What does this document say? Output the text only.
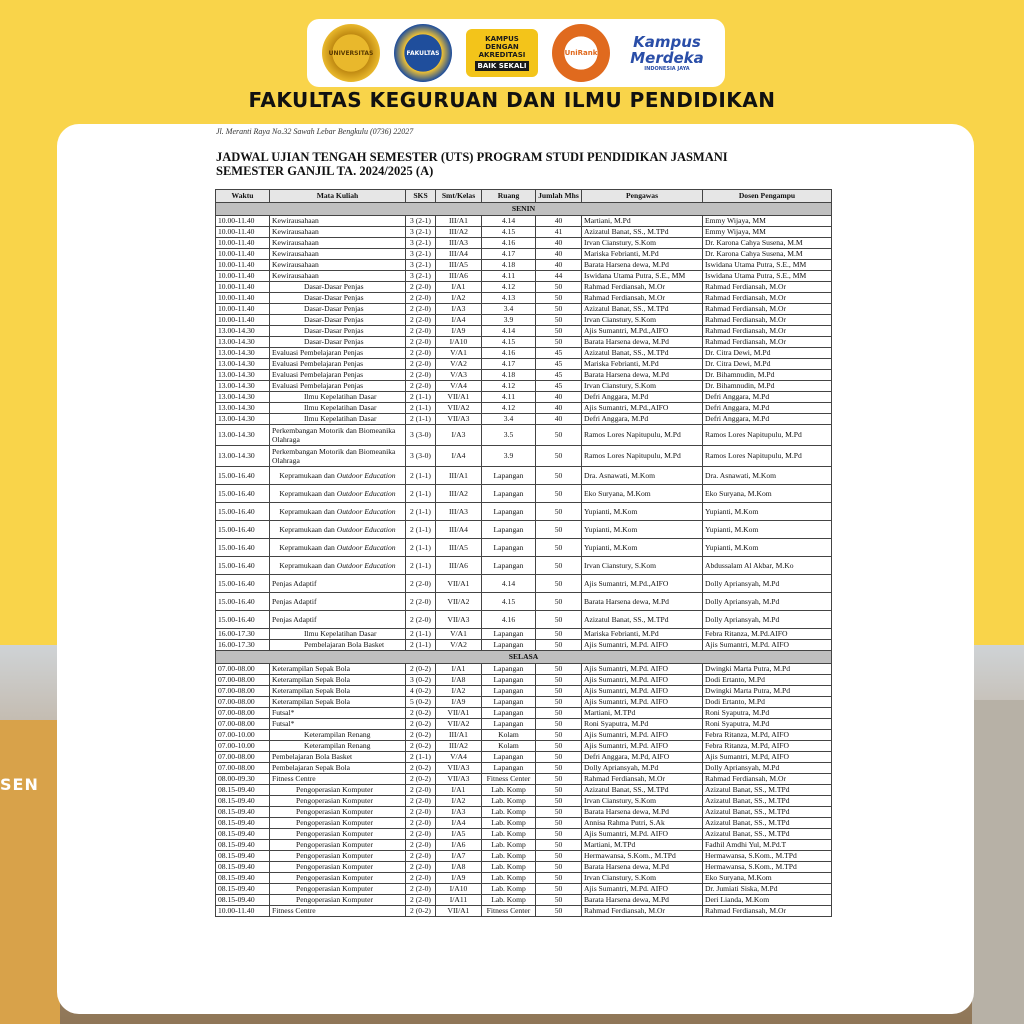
SEN
UNIVERSITAS	FAKULTAS
KAMPUS
DENGAN AKREDITASI
BAIK SEKALI
UniRank
Kampus
Merdeka
INDONESIA JAYA
FAKULTAS KEGURUAN DAN ILMU PENDIDIKAN
Jl. Meranti Raya No.32 Sawah Lebar Bengkulu (0736) 22027
JADWAL UJIAN TENGAH SEMESTER (UTS) PROGRAM STUDI PENDIDIKAN JASMANI
SEMESTER GANJIL TA. 2024/2025 (A)
Waktu	Mata Kuliah	SKS	Smt/Kelas	Ruang	Jumlah Mhs	Pengawas	Dosen Pengampu
SENIN							
10.00-11.40	Kewirausahaan	3 (2-1)	III/A1	4.14	40	Martiani, M.Pd	Emmy Wijaya, MM
10.00-11.40	Kewirausahaan	3 (2-1)	III/A2	4.15	41	Azizatul Banat, SS., M.TPd	Emmy Wijaya, MM
10.00-11.40	Kewirausahaan	3 (2-1)	III/A3	4.16	40	Irvan Cianstury, S.Kom	Dr. Karona Cahya Susena, M.M
10.00-11.40	Kewirausahaan	3 (2-1)	III/A4	4.17	40	Mariska Febrianti, M.Pd	Dr. Karona Cahya Susena, M.M
10.00-11.40	Kewirausahaan	3 (2-1)	III/A5	4.18	40	Barata Harsena dewa, M.Pd	Iswidana Utama Putra, S.E., MM
10.00-11.40	Kewirausahaan	3 (2-1)	III/A6	4.11	44	Iswidana Utama Putra, S.E., MM	Iswidana Utama Putra, S.E., MM
10.00-11.40	Dasar-Dasar Penjas	2 (2-0)	I/A1	4.12	50	Rahmad Ferdiansah, M.Or	Rahmad Ferdiansah, M.Or
10.00-11.40	Dasar-Dasar Penjas	2 (2-0)	I/A2	4.13	50	Rahmad Ferdiansah, M.Or	Rahmad Ferdiansah, M.Or
10.00-11.40	Dasar-Dasar Penjas	2 (2-0)	I/A3	3.4	50	Azizatul Banat, SS., M.TPd	Rahmad Ferdiansah, M.Or
10.00-11.40	Dasar-Dasar Penjas	2 (2-0)	I/A4	3.9	50	Irvan Cianstury, S.Kom	Rahmad Ferdiansah, M.Or
13.00-14.30	Dasar-Dasar Penjas	2 (2-0)	I/A9	4.14	50	Ajis Sumantri, M.Pd.,AIFO	Rahmad Ferdiansah, M.Or
13.00-14.30	Dasar-Dasar Penjas	2 (2-0)	I/A10	4.15	50	Barata Harsena dewa, M.Pd	Rahmad Ferdiansah, M.Or
13.00-14.30	Evaluasi Pembelajaran Penjas	2 (2-0)	V/A1	4.16	45	Azizatul Banat, SS., M.TPd	Dr. Citra Dewi, M.Pd
13.00-14.30	Evaluasi Pembelajaran Penjas	2 (2-0)	V/A2	4.17	45	Mariska Febrianti, M.Pd	Dr. Citra Dewi, M.Pd
13.00-14.30	Evaluasi Pembelajaran Penjas	2 (2-0)	V/A3	4.18	45	Barata Harsena dewa, M.Pd	Dr. Bihamnudin, M.Pd
13.00-14.30	Evaluasi Pembelajaran Penjas	2 (2-0)	V/A4	4.12	45	Irvan Cianstury, S.Kom	Dr. Bihamnudin, M.Pd
13.00-14.30	Ilmu Kepelatihan Dasar	2 (1-1)	VII/A1	4.11	40	Defri Anggara, M.Pd	Defri Anggara, M.Pd
13.00-14.30	Ilmu Kepelatihan Dasar	2 (1-1)	VII/A2	4.12	40	Ajis Sumantri, M.Pd.,AIFO	Defri Anggara, M.Pd
13.00-14.30	Ilmu Kepelatihan Dasar	2 (1-1)	VII/A3	3.4	40	Defri Anggara, M.Pd	Defri Anggara, M.Pd
13.00-14.30	Perkembangan Motorik dan Biomeanika Olahraga	3 (3-0)	I/A3	3.5	50	Ramos Lores Napitupulu, M.Pd	Ramos Lores Napitupulu, M.Pd
13.00-14.30	Perkembangan Motorik dan Biomeanika Olahraga	3 (3-0)	I/A4	3.9	50	Ramos Lores Napitupulu, M.Pd	Ramos Lores Napitupulu, M.Pd
15.00-16.40	Kepramukaan dan Outdoor Education	2 (1-1)	III/A1	Lapangan	50	Dra. Asnawati, M.Kom	Dra. Asnawati, M.Kom
15.00-16.40	Kepramukaan dan Outdoor Education	2 (1-1)	III/A2	Lapangan	50	Eko Suryana, M.Kom	Eko Suryana, M.Kom
15.00-16.40	Kepramukaan dan Outdoor Education	2 (1-1)	III/A3	Lapangan	50	Yupianti, M.Kom	Yupianti, M.Kom
15.00-16.40	Kepramukaan dan Outdoor Education	2 (1-1)	III/A4	Lapangan	50	Yupianti, M.Kom	Yupianti, M.Kom
15.00-16.40	Kepramukaan dan Outdoor Education	2 (1-1)	III/A5	Lapangan	50	Yupianti, M.Kom	Yupianti, M.Kom
15.00-16.40	Kepramukaan dan Outdoor Education	2 (1-1)	III/A6	Lapangan	50	Irvan Cianstury, S.Kom	Abdussalam Al Akbar, M.Ko
15.00-16.40	Penjas Adaptif	2 (2-0)	VII/A1	4.14	50	Ajis Sumantri, M.Pd.,AIFO	Dolly Apriansyah, M.Pd
15.00-16.40	Penjas Adaptif	2 (2-0)	VII/A2	4.15	50	Barata Harsena dewa, M.Pd	Dolly Apriansyah, M.Pd
15.00-16.40	Penjas Adaptif	2 (2-0)	VII/A3	4.16	50	Azizatul Banat, SS., M.TPd	Dolly Apriansyah, M.Pd
16.00-17.30	Ilmu Kepelatihan Dasar	2 (1-1)	V/A1	Lapangan	50	Mariska Febrianti, M.Pd	Febra Ritanza, M.Pd.AIFO
16.00-17.30	Pembelajaran Bola Basket	2 (1-1)	V/A2	Lapangan	50	Ajis Sumantri, M.Pd. AIFO	Ajis Sumantri, M.Pd. AIFO
SELASA							
07.00-08.00	Keterampilan Sepak Bola	2 (0-2)	I/A1	Lapangan	50	Ajis Sumantri, M.Pd. AIFO	Dwingki Marta Putra, M.Pd
07.00-08.00	Keterampilan Sepak Bola	3 (0-2)	I/A8	Lapangan	50	Ajis Sumantri, M.Pd. AIFO	Dodi Ertanto, M.Pd
07.00-08.00	Keterampilan Sepak Bola	4 (0-2)	I/A2	Lapangan	50	Ajis Sumantri, M.Pd. AIFO	Dwingki Marta Putra, M.Pd
07.00-08.00	Keterampilan Sepak Bola	5 (0-2)	I/A9	Lapangan	50	Ajis Sumantri, M.Pd. AIFO	Dodi Ertanto, M.Pd
07.00-08.00	Futsal*	2 (0-2)	VII/A1	Lapangan	50	Martiani, M.TPd	Roni Syaputra, M.Pd
07.00-08.00	Futsal*	2 (0-2)	VII/A2	Lapangan	50	Roni Syaputra, M.Pd	Roni Syaputra, M.Pd
07.00-10.00	Keterampilan Renang	2 (0-2)	III/A1	Kolam	50	Ajis Sumantri, M.Pd. AIFO	Febra Ritanza, M.Pd, AIFO
07.00-10.00	Keterampilan Renang	2 (0-2)	III/A2	Kolam	50	Ajis Sumantri, M.Pd. AIFO	Febra Ritanza, M.Pd, AIFO
07.00-08.00	Pembelajaran Bola Basket	2 (1-1)	V/A4	Lapangan	50	Defri Anggara, M.Pd, AIFO	Ajis Sumantri, M.Pd, AIFO
07.00-08.00	Pembelajaran Sepak Bola	2 (0-2)	VII/A3	Lapangan	50	Dolly Apriansyah, M.Pd	Dolly Apriansyah, M.Pd
08.00-09.30	Fitness Centre	2 (0-2)	VII/A3	Fitness Center	50	Rahmad Ferdiansah, M.Or	Rahmad Ferdiansah, M.Or
08.15-09.40	Pengoperasian Komputer	2 (2-0)	I/A1	Lab. Komp	50	Azizatul Banat, SS., M.TPd	Azizatul Banat, SS., M.TPd
08.15-09.40	Pengoperasian Komputer	2 (2-0)	I/A2	Lab. Komp	50	Irvan Cianstury, S.Kom	Azizatul Banat, SS., M.TPd
08.15-09.40	Pengoperasian Komputer	2 (2-0)	I/A3	Lab. Komp	50	Barata Harsena dewa, M.Pd	Azizatul Banat, SS., M.TPd
08.15-09.40	Pengoperasian Komputer	2 (2-0)	I/A4	Lab. Komp	50	Annisa Rahma Putri, S.Ak	Azizatul Banat, SS., M.TPd
08.15-09.40	Pengoperasian Komputer	2 (2-0)	I/A5	Lab. Komp	50	Ajis Sumantri, M.Pd. AIFO	Azizatul Banat, SS., M.TPd
08.15-09.40	Pengoperasian Komputer	2 (2-0)	I/A6	Lab. Komp	50	Martiani, M.TPd	Fadhil Amdhi Yul, M.Pd.T
08.15-09.40	Pengoperasian Komputer	2 (2-0)	I/A7	Lab. Komp	50	Hermawansa, S.Kom., M.TPd	Hermawansa, S.Kom., M.TPd
08.15-09.40	Pengoperasian Komputer	2 (2-0)	I/A8	Lab. Komp	50	Barata Harsena dewa, M.Pd	Hermawansa, S.Kom., M.TPd
08.15-09.40	Pengoperasian Komputer	2 (2-0)	I/A9	Lab. Komp	50	Irvan Cianstury, S.Kom	Eko Suryana, M.Kom
08.15-09.40	Pengoperasian Komputer	2 (2-0)	I/A10	Lab. Komp	50	Ajis Sumantri, M.Pd. AIFO	Dr. Jumiati Siska, M.Pd
08.15-09.40	Pengoperasian Komputer	2 (2-0)	I/A11	Lab. Komp	50	Barata Harsena dewa, M.Pd	Deri Lianda, M.Kom
10.00-11.40	Fitness Centre	2 (0-2)	VII/A1	Fitness Center	50	Rahmad Ferdiansah, M.Or	Rahmad Ferdiansah, M.Or
